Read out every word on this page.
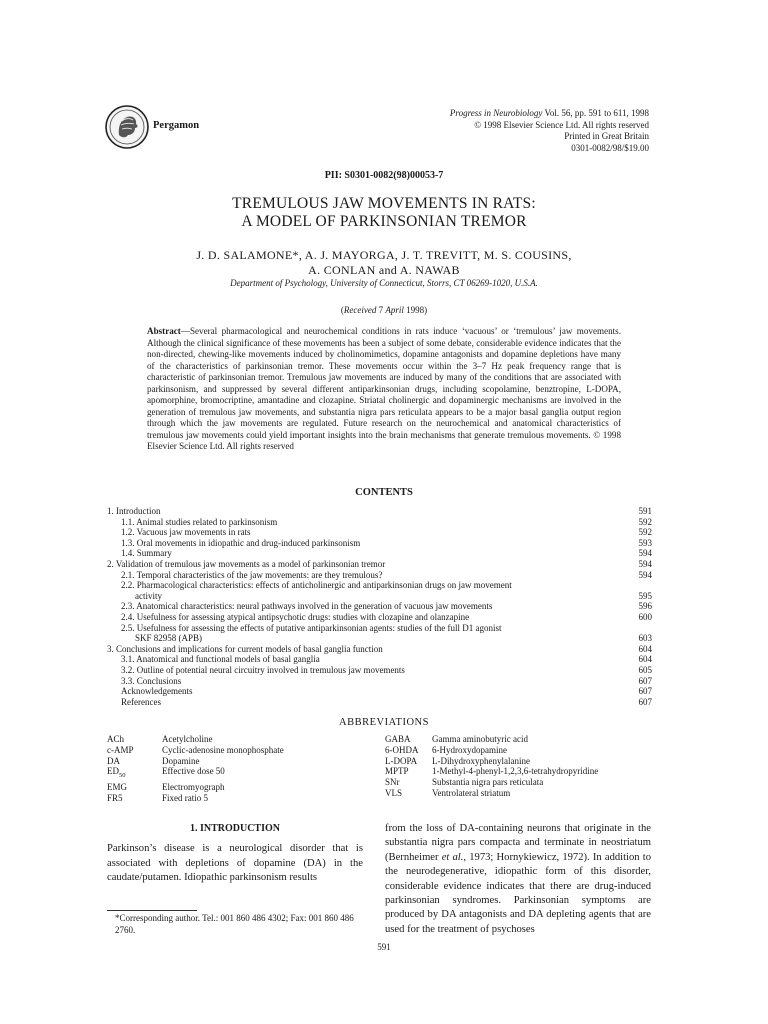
Pergamon
Progress in Neurobiology Vol. 56, pp. 591 to 611, 1998
© 1998 Elsevier Science Ltd. All rights reserved
Printed in Great Britain
0301-0082/98/$19.00
PII: S0301-0082(98)00053-7
TREMULOUS JAW MOVEMENTS IN RATS:
A MODEL OF PARKINSONIAN TREMOR
J. D. SALAMONE*, A. J. MAYORGA, J. T. TREVITT, M. S. COUSINS,
A. CONLAN and A. NAWAB
Department of Psychology, University of Connecticut, Storrs, CT 06269-1020, U.S.A.
(Received 7 April 1998)
Abstract—Several pharmacological and neurochemical conditions in rats induce ‘vacuous’ or ‘tremulous’ jaw movements. Although the clinical significance of these movements has been a subject of some debate, considerable evidence indicates that the non-directed, chewing-like movements induced by cholinomimetics, dopamine antagonists and dopamine depletions have many of the characteristics of parkinsonian tremor. These movements occur within the 3–7 Hz peak frequency range that is characteristic of parkinsonian tremor. Tremulous jaw movements are induced by many of the conditions that are associated with parkinsonism, and suppressed by several different antiparkinsonian drugs, including scopolamine, benztropine, L-DOPA, apomorphine, bromocriptine, amantadine and clozapine. Striatal cholinergic and dopaminergic mechanisms are involved in the generation of tremulous jaw movements, and substantia nigra pars reticulata appears to be a major basal ganglia output region through which the jaw movements are regulated. Future research on the neurochemical and anatomical characteristics of tremulous jaw movements could yield important insights into the brain mechanisms that generate tremulous movements. © 1998 Elsevier Science Ltd. All rights reserved
CONTENTS
1. Introduction	591
1.1. Animal studies related to parkinsonism	592
1.2. Vacuous jaw movements in rats	592
1.3. Oral movements in idiopathic and drug-induced parkinsonism	593
1.4. Summary	594
2. Validation of tremulous jaw movements as a model of parkinsonian tremor	594
2.1. Temporal characteristics of the jaw movements: are they tremulous?	594
2.2. Pharmacological characteristics: effects of anticholinergic and antiparkinsonian drugs on jaw movement
activity	595
2.3. Anatomical characteristics: neural pathways involved in the generation of vacuous jaw movements	596
2.4. Usefulness for assessing atypical antipsychotic drugs: studies with clozapine and olanzapine	600
2.5. Usefulness for assessing the effects of putative antiparkinsonian agents: studies of the full D1 agonist
SKF 82958 (APB)	603
3. Conclusions and implications for current models of basal ganglia function	604
3.1. Anatomical and functional models of basal ganglia	604
3.2. Outline of potential neural circuitry involved in tremulous jaw movements	605
3.3. Conclusions	607
Acknowledgements	607
References	607
ABBREVIATIONS
ACh	Acetylcholine
c-AMP	Cyclic-adenosine monophosphate
DA	Dopamine
$ED_{50}$	Effective dose 50
EMG	Electromyograph
FR5	Fixed ratio 5
GABA	Gamma aminobutyric acid
6-OHDA	6-Hydroxydopamine
L-DOPA	L-Dihydroxyphenylalanine
MPTP	1-Methyl-4-phenyl-1,2,3,6-tetrahydropyridine
SNr	Substantia nigra pars reticulata
VLS	Ventrolateral striatum
1. INTRODUCTION
Parkinson’s disease is a neurological disorder that is associated with depletions of dopamine (DA) in the caudate/putamen. Idiopathic parkinsonism results
from the loss of DA-containing neurons that originate in the substantia nigra pars compacta and terminate in neostriatum (Bernheimer et al., 1973; Hornykiewicz, 1972). In addition to the neurodegenerative, idiopathic form of this disorder, considerable evidence indicates that there are drug-induced parkinsonian syndromes. Parkinsonian symptoms are produced by DA antagonists and DA depleting agents that are used for the treatment of psychoses
*Corresponding author. Tel.: 001 860 486 4302; Fax: 001 860 486 2760.
591
